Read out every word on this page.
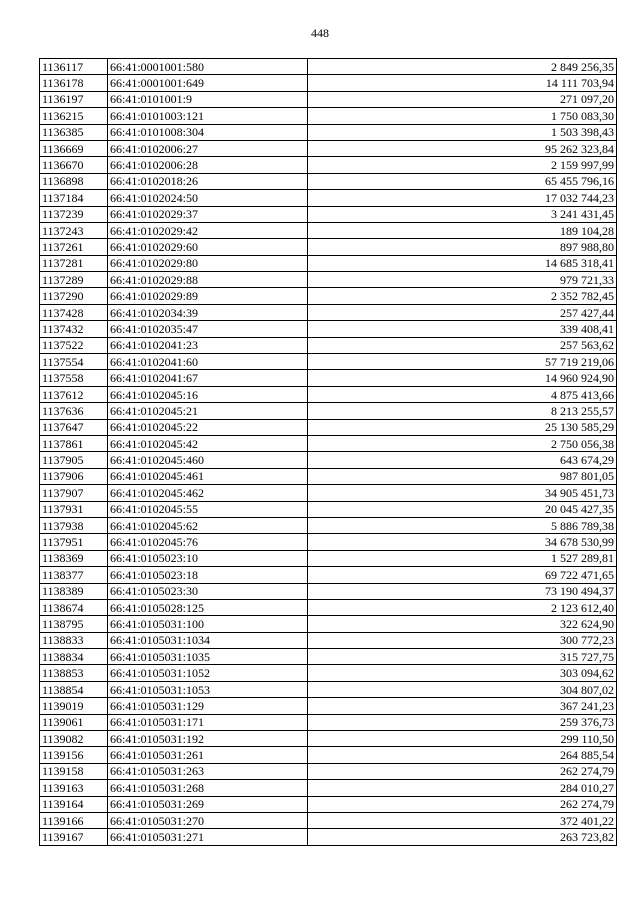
448
1136117	66:41:0001001:580	2 849 256,35
1136178	66:41:0001001:649	14 111 703,94
1136197	66:41:0101001:9	271 097,20
1136215	66:41:0101003:121	1 750 083,30
1136385	66:41:0101008:304	1 503 398,43
1136669	66:41:0102006:27	95 262 323,84
1136670	66:41:0102006:28	2 159 997,99
1136898	66:41:0102018:26	65 455 796,16
1137184	66:41:0102024:50	17 032 744,23
1137239	66:41:0102029:37	3 241 431,45
1137243	66:41:0102029:42	189 104,28
1137261	66:41:0102029:60	897 988,80
1137281	66:41:0102029:80	14 685 318,41
1137289	66:41:0102029:88	979 721,33
1137290	66:41:0102029:89	2 352 782,45
1137428	66:41:0102034:39	257 427,44
1137432	66:41:0102035:47	339 408,41
1137522	66:41:0102041:23	257 563,62
1137554	66:41:0102041:60	57 719 219,06
1137558	66:41:0102041:67	14 960 924,90
1137612	66:41:0102045:16	4 875 413,66
1137636	66:41:0102045:21	8 213 255,57
1137647	66:41:0102045:22	25 130 585,29
1137861	66:41:0102045:42	2 750 056,38
1137905	66:41:0102045:460	643 674,29
1137906	66:41:0102045:461	987 801,05
1137907	66:41:0102045:462	34 905 451,73
1137931	66:41:0102045:55	20 045 427,35
1137938	66:41:0102045:62	5 886 789,38
1137951	66:41:0102045:76	34 678 530,99
1138369	66:41:0105023:10	1 527 289,81
1138377	66:41:0105023:18	69 722 471,65
1138389	66:41:0105023:30	73 190 494,37
1138674	66:41:0105028:125	2 123 612,40
1138795	66:41:0105031:100	322 624,90
1138833	66:41:0105031:1034	300 772,23
1138834	66:41:0105031:1035	315 727,75
1138853	66:41:0105031:1052	303 094,62
1138854	66:41:0105031:1053	304 807,02
1139019	66:41:0105031:129	367 241,23
1139061	66:41:0105031:171	259 376,73
1139082	66:41:0105031:192	299 110,50
1139156	66:41:0105031:261	264 885,54
1139158	66:41:0105031:263	262 274,79
1139163	66:41:0105031:268	284 010,27
1139164	66:41:0105031:269	262 274,79
1139166	66:41:0105031:270	372 401,22
1139167	66:41:0105031:271	263 723,82
